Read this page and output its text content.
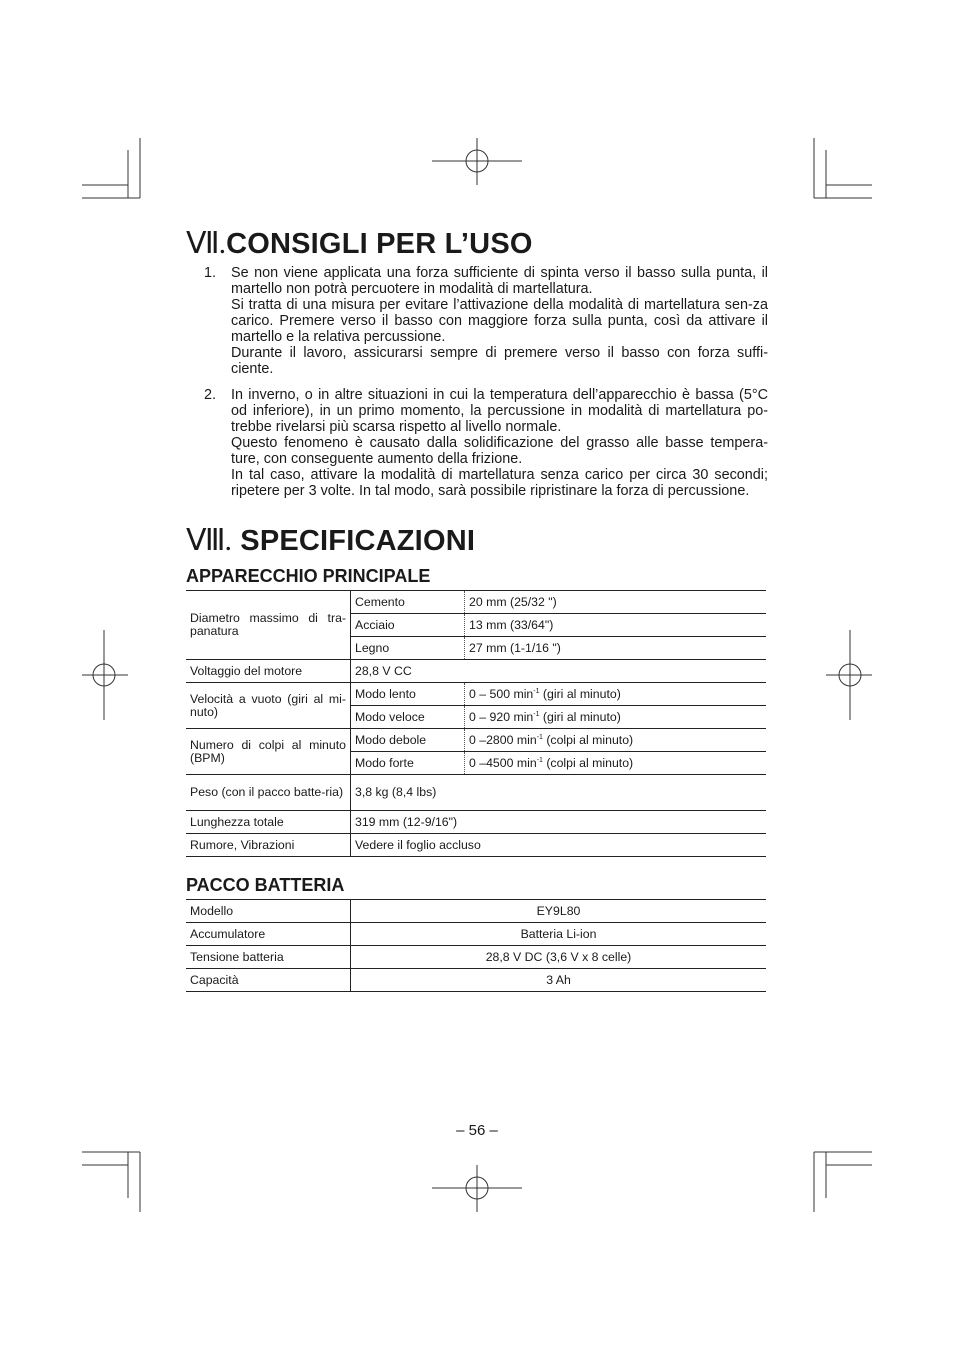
Ⅶ.CONSIGLI PER L’USO
1. Se non viene applicata una forza sufficiente di spinta verso il basso sulla punta, il martello non potrà percuotere in modalità di martellatura.

Si tratta di una misura per evitare l’attivazione della modalità di martellatura sen-za carico. Premere verso il basso con maggiore forza sulla punta, così da attivare il martello e la relativa percussione.

Durante il lavoro, assicurarsi sempre di premere verso il basso con forza suffi-ciente.

2. In inverno, o in altre situazioni in cui la temperatura dell’apparecchio è bassa (5°C od inferiore), in un primo momento, la percussione in modalità di martellatura po-trebbe rivelarsi più scarsa rispetto al livello normale.

Questo fenomeno è causato dalla solidificazione del grasso alle basse tempera-ture, con conseguente aumento della frizione.

In tal caso, attivare la modalità di martellatura senza carico per circa 30 secondi; ripetere per 3 volte. In tal modo, sarà possibile ripristinare la forza di percussione.

Ⅷ. SPECIFICAZIONI
APPARECCHIO PRINCIPALE
Diametro massimo di tra-panatura	Cemento	20 mm (25/32 ")
	Acciaio	13 mm (33/64")
	Legno	27 mm (1-1/16 ")
Voltaggio del motore	28,8 V CC	
Velocità a vuoto (giri al mi-nuto)	Modo lento	0 – 500 $\min^{-1}$ (giri al minuto)
	Modo veloce	0 – 920 $\min^{-1}$ (giri al minuto)
Numero di colpi al minuto (BPM)	Modo debole	0 –2800 $\min^{-1}$ (colpi al minuto)
	Modo forte	0 –4500 $\min^{-1}$ (colpi al minuto)
Peso (con il pacco batte-ria)	3,8 kg (8,4 lbs)	
Lunghezza totale	319 mm (12-9/16")	
Rumore, Vibrazioni	Vedere il foglio accluso	
PACCO BATTERIA
Modello	EY9L80
Accumulatore	Batteria Li-ion
Tensione batteria	28,8 V DC (3,6 V x 8 celle)
Capacità	3 Ah
– 56 –
